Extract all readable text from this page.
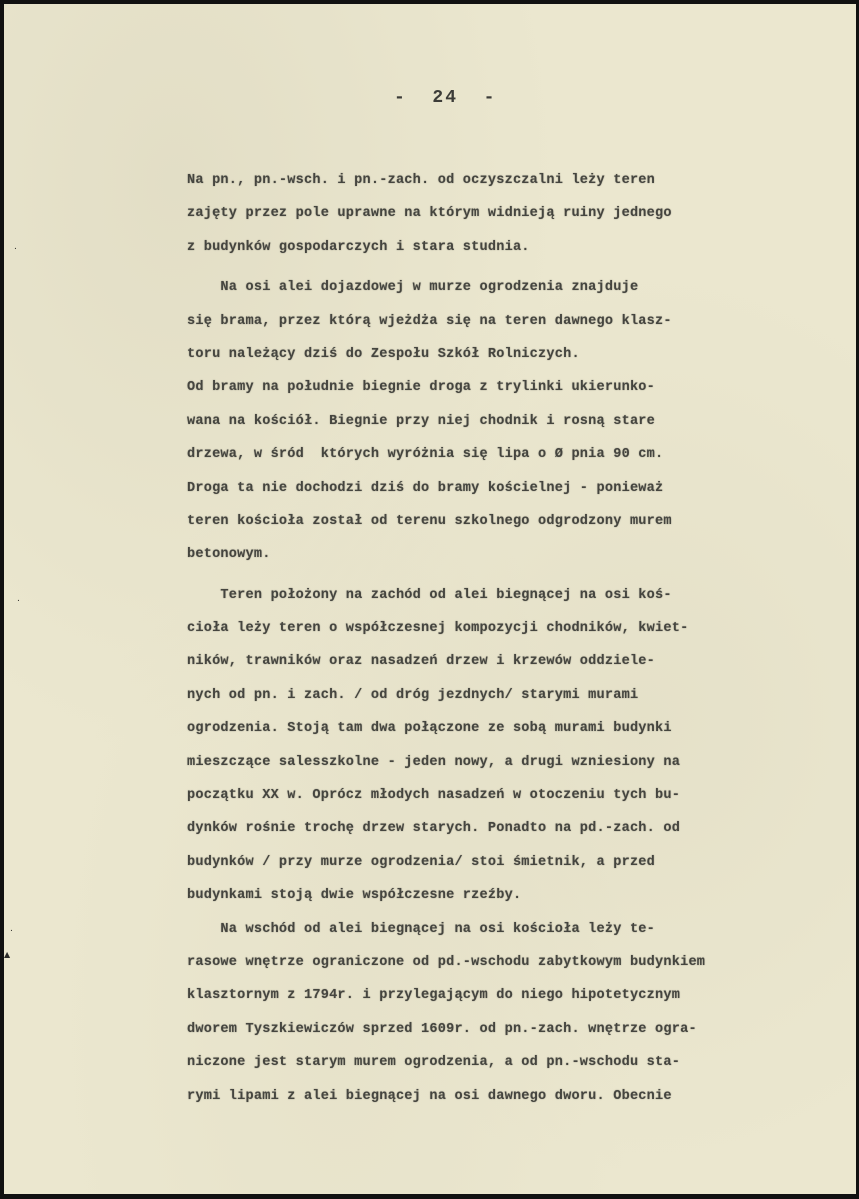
-  24  -
.
.
.
▲
Na pn., pn.-wsch. i pn.-zach. od oczyszczalni leży teren
zajęty przez pole uprawne na którym widnieją ruiny jednego
z budynków gospodarczych i stara studnia.
Na osi alei dojazdowej w murze ogrodzenia znajduje
się brama, przez którą wjeżdża się na teren dawnego klasz-
toru należący dziś do Zespołu Szkół Rolniczych.
Od bramy na południe biegnie droga z trylinki ukierunko-
wana na kościół. Biegnie przy niej chodnik i rosną stare
drzewa, w śród  których wyróżnia się lipa o Ø pnia 90 cm.
Droga ta nie dochodzi dziś do bramy kościelnej - ponieważ
teren kościoła został od terenu szkolnego odgrodzony murem
betonowym.
Teren położony na zachód od alei biegnącej na osi koś-
cioła leży teren o współczesnej kompozycji chodników, kwiet-
ników, trawników oraz nasadzeń drzew i krzewów oddziele-
nych od pn. i zach. / od dróg jezdnych/ starymi murami
ogrodzenia. Stoją tam dwa połączone ze sobą murami budynki
mieszczące salesszkolne - jeden nowy, a drugi wzniesiony na
początku XX w. Oprócz młodych nasadzeń w otoczeniu tych bu-
dynków rośnie trochę drzew starych. Ponadto na pd.-zach. od
budynków / przy murze ogrodzenia/ stoi śmietnik, a przed
budynkami stoją dwie współczesne rzeźby.
Na wschód od alei biegnącej na osi kościoła leży te-
rasowe wnętrze ograniczone od pd.-wschodu zabytkowym budynkiem
klasztornym z 1794r. i przylegającym do niego hipotetycznym
dworem Tyszkiewiczów sprzed 1609r. od pn.-zach. wnętrze ogra-
niczone jest starym murem ogrodzenia, a od pn.-wschodu sta-
rymi lipami z alei biegnącej na osi dawnego dworu. Obecnie
